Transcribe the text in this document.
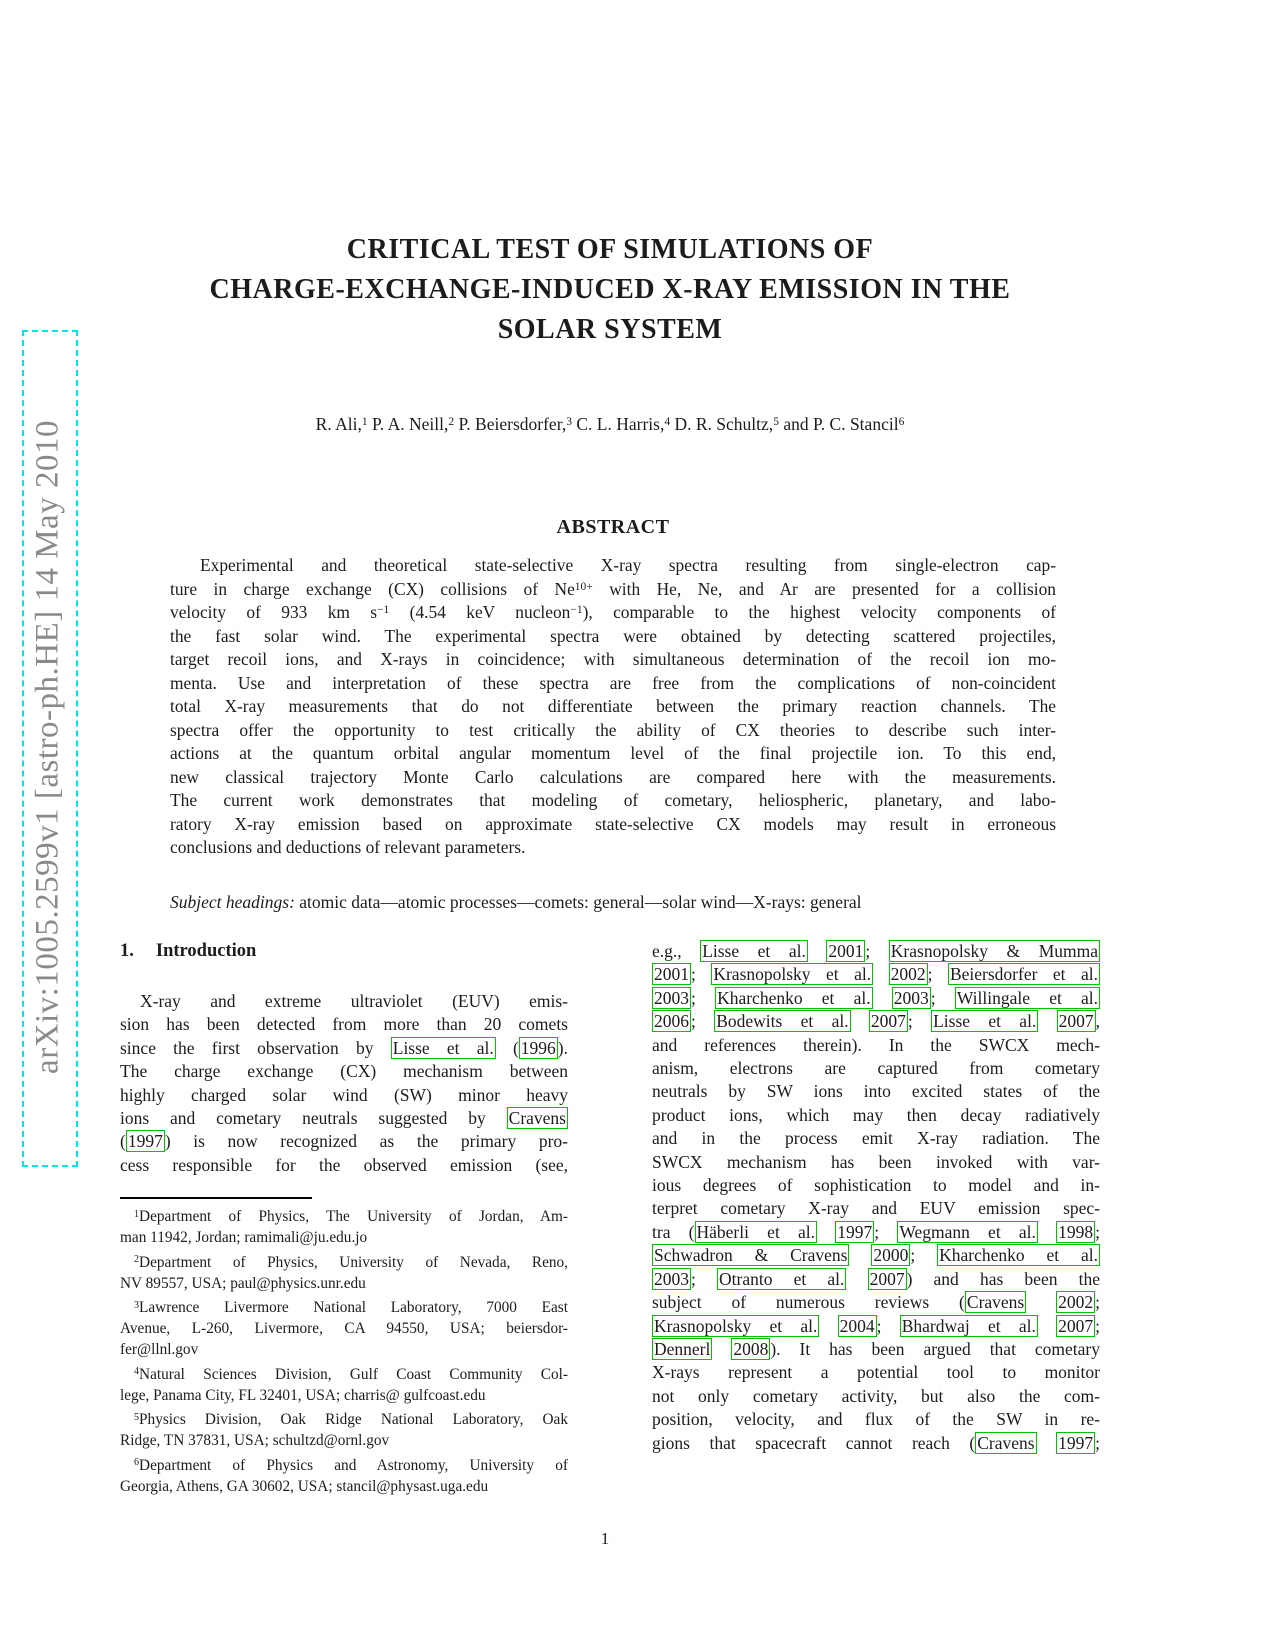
arXiv:1005.2599v1 [astro-ph.HE] 14 May 2010
CRITICAL TEST OF SIMULATIONS OF
CHARGE-EXCHANGE-INDUCED X-RAY EMISSION IN THE
SOLAR SYSTEM
R. Ali,$^1$ P. A. Neill,$^2$ P. Beiersdorfer,$^3$ C. L. Harris,$^4$ D. R. Schultz,$^5$ and P. C. Stancil$^6$
ABSTRACT
Experimental and theoretical state-selective X-ray spectra resulting from single-electron cap-
ture in charge exchange (CX) collisions of $Ne^{10+}$ with He, Ne, and Ar are presented for a collision
velocity of 933 km $s^{-1}$ (4.54 keV nucleon$^{-1}$), comparable to the highest velocity components of
the fast solar wind. The experimental spectra were obtained by detecting scattered projectiles,
target recoil ions, and X-rays in coincidence; with simultaneous determination of the recoil ion mo-
menta. Use and interpretation of these spectra are free from the complications of non-coincident
total X-ray measurements that do not differentiate between the primary reaction channels. The
spectra offer the opportunity to test critically the ability of CX theories to describe such inter-
actions at the quantum orbital angular momentum level of the final projectile ion. To this end,
new classical trajectory Monte Carlo calculations are compared here with the measurements.
The current work demonstrates that modeling of cometary, heliospheric, planetary, and labo-
ratory X-ray emission based on approximate state-selective CX models may result in erroneous
conclusions and deductions of relevant parameters.
Subject headings: atomic data—atomic processes—comets: general—solar wind—X-rays: general
1. Introduction
X-ray and extreme ultraviolet (EUV) emis-
sion has been detected from more than 20 comets
since the first observation by Lisse et al. ( 1996 ).
The charge exchange (CX) mechanism between
highly charged solar wind (SW) minor heavy
ions and cometary neutrals suggested by Cravens
( 1997 ) is now recognized as the primary pro-
cess responsible for the observed emission (see,
e.g., Lisse et al. 2001 ; Krasnopolsky & Mumma
2001 ; Krasnopolsky et al. 2002 ; Beiersdorfer et al.
2003 ; Kharchenko et al. 2003 ; Willingale et al.
2006 ; Bodewits et al. 2007 ; Lisse et al. 2007 ,
and references therein). In the SWCX mech-
anism, electrons are captured from cometary
neutrals by SW ions into excited states of the
product ions, which may then decay radiatively
and in the process emit X-ray radiation. The
SWCX mechanism has been invoked with var-
ious degrees of sophistication to model and in-
terpret cometary X-ray and EUV emission spec-
tra ( Häberli et al. 1997 ; Wegmann et al. 1998 ;
Schwadron & Cravens 2000 ; Kharchenko et al.
2003 ; Otranto et al. 2007 ) and has been the
subject of numerous reviews ( Cravens 2002 ;
Krasnopolsky et al. 2004 ; Bhardwaj et al. 2007 ;
Dennerl 2008 ). It has been argued that cometary
X-rays represent a potential tool to monitor
not only cometary activity, but also the com-
position, velocity, and flux of the SW in re-
gions that spacecraft cannot reach ( Cravens 1997 ;
$^1$Department of Physics, The University of Jordan, Am-
man 11942, Jordan; ramimali@ju.edu.jo
$^2$Department of Physics, University of Nevada, Reno,
NV 89557, USA; paul@physics.unr.edu
$^3$Lawrence Livermore National Laboratory, 7000 East
Avenue, L-260, Livermore, CA 94550, USA; beiersdor-
fer@llnl.gov
$^4$Natural Sciences Division, Gulf Coast Community Col-
lege, Panama City, FL 32401, USA; charris@ gulfcoast.edu
$^5$Physics Division, Oak Ridge National Laboratory, Oak
Ridge, TN 37831, USA; schultzd@ornl.gov
$^6$Department of Physics and Astronomy, University of
Georgia, Athens, GA 30602, USA; stancil@physast.uga.edu
1
